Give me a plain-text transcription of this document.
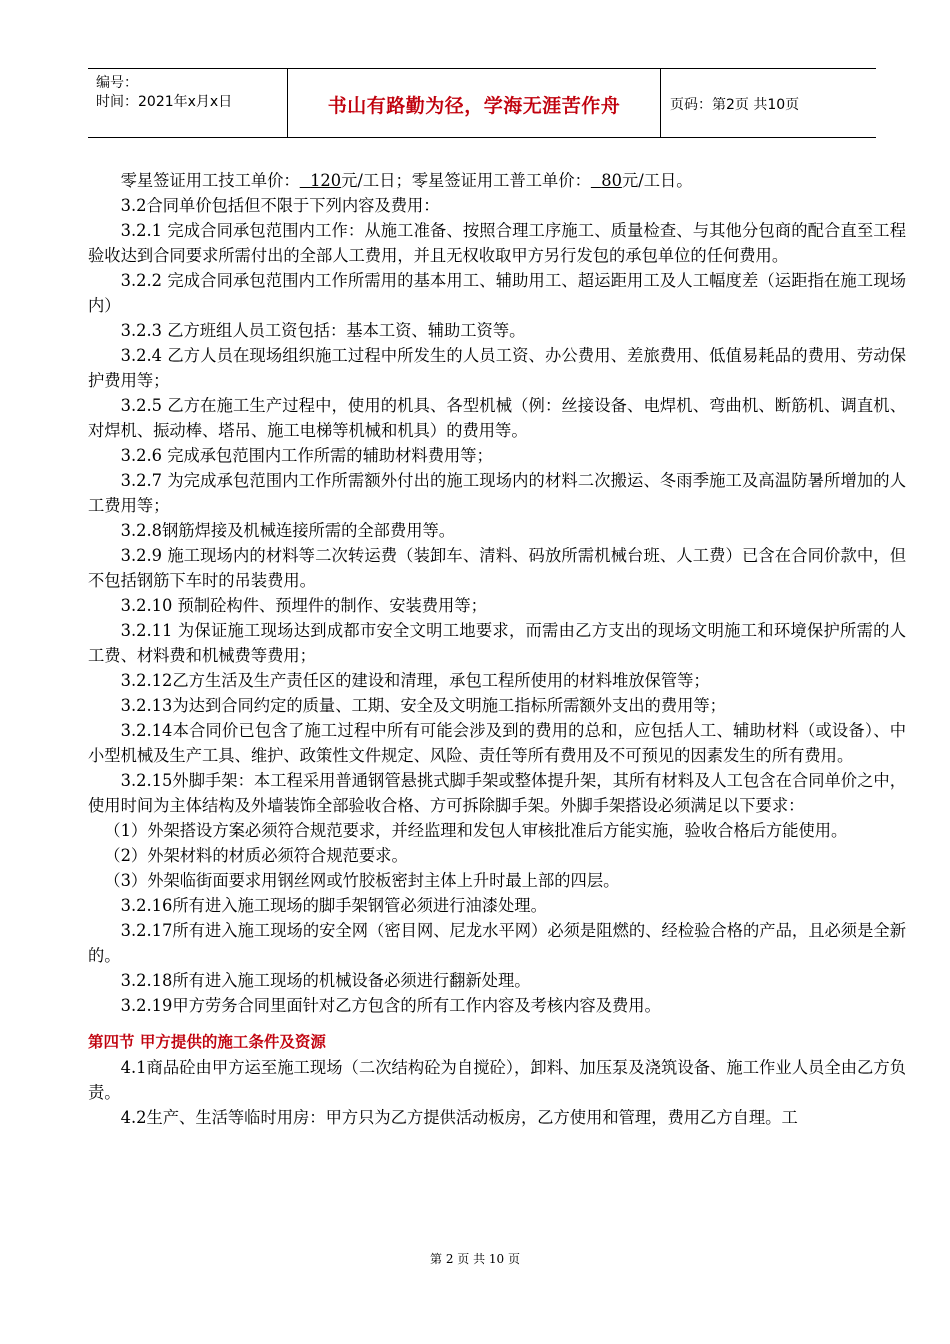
编号：
时间：2021年x月x日	书山有路勤为径，学海无涯苦作舟	页码：第2页 共10页

零星签证用工技工单价： 120元/工日；零星签证用工普工单价： 80元/工日。

3.2合同单价包括但不限于下列内容及费用：

3.2.1 完成合同承包范围内工作：从施工准备、按照合理工序施工、质量检查、与其他分包商的配合直至工程验收达到合同要求所需付出的全部人工费用，并且无权收取甲方另行发包的承包单位的任何费用。

3.2.2 完成合同承包范围内工作所需用的基本用工、辅助用工、超运距用工及人工幅度差（运距指在施工现场内）

3.2.3 乙方班组人员工资包括：基本工资、辅助工资等。

3.2.4 乙方人员在现场组织施工过程中所发生的人员工资、办公费用、差旅费用、低值易耗品的费用、劳动保护费用等；

3.2.5 乙方在施工生产过程中，使用的机具、各型机械（例：丝接设备、电焊机、弯曲机、断筋机、调直机、对焊机、振动棒、塔吊、施工电梯等机械和机具）的费用等。

3.2.6 完成承包范围内工作所需的辅助材料费用等；

3.2.7 为完成承包范围内工作所需额外付出的施工现场内的材料二次搬运、冬雨季施工及高温防暑所增加的人工费用等；

3.2.8钢筋焊接及机械连接所需的全部费用等。

3.2.9 施工现场内的材料等二次转运费（装卸车、清料、码放所需机械台班、人工费）已含在合同价款中，但不包括钢筋下车时的吊装费用。

3.2.10 预制砼构件、预埋件的制作、安装费用等；

3.2.11 为保证施工现场达到成都市安全文明工地要求，而需由乙方支出的现场文明施工和环境保护所需的人工费、材料费和机械费等费用；

3.2.12乙方生活及生产责任区的建设和清理，承包工程所使用的材料堆放保管等；

3.2.13为达到合同约定的质量、工期、安全及文明施工指标所需额外支出的费用等；

3.2.14本合同价已包含了施工过程中所有可能会涉及到的费用的总和，应包括人工、辅助材料（或设备）、中小型机械及生产工具、维护、政策性文件规定、风险、责任等所有费用及不可预见的因素发生的所有费用。

3.2.15外脚手架：本工程采用普通钢管悬挑式脚手架或整体提升架，其所有材料及人工包含在合同单价之中，使用时间为主体结构及外墙装饰全部验收合格、方可拆除脚手架。外脚手架搭设必须满足以下要求：

（1）外架搭设方案必须符合规范要求，并经监理和发包人审核批准后方能实施，验收合格后方能使用。

（2）外架材料的材质必须符合规范要求。

（3）外架临街面要求用钢丝网或竹胶板密封主体上升时最上部的四层。

3.2.16所有进入施工现场的脚手架钢管必须进行油漆处理。

3.2.17所有进入施工现场的安全网（密目网、尼龙水平网）必须是阻燃的、经检验合格的产品，且必须是全新的。

3.2.18所有进入施工现场的机械设备必须进行翻新处理。

3.2.19甲方劳务合同里面针对乙方包含的所有工作内容及考核内容及费用。

第四节 甲方提供的施工条件及资源

4.1商品砼由甲方运至施工现场（二次结构砼为自搅砼），卸料、加压泵及浇筑设备、施工作业人员全由乙方负责。

4.2生产、生活等临时用房：甲方只为乙方提供活动板房，乙方使用和管理，费用乙方自理。工

第 2 页 共 10 页
